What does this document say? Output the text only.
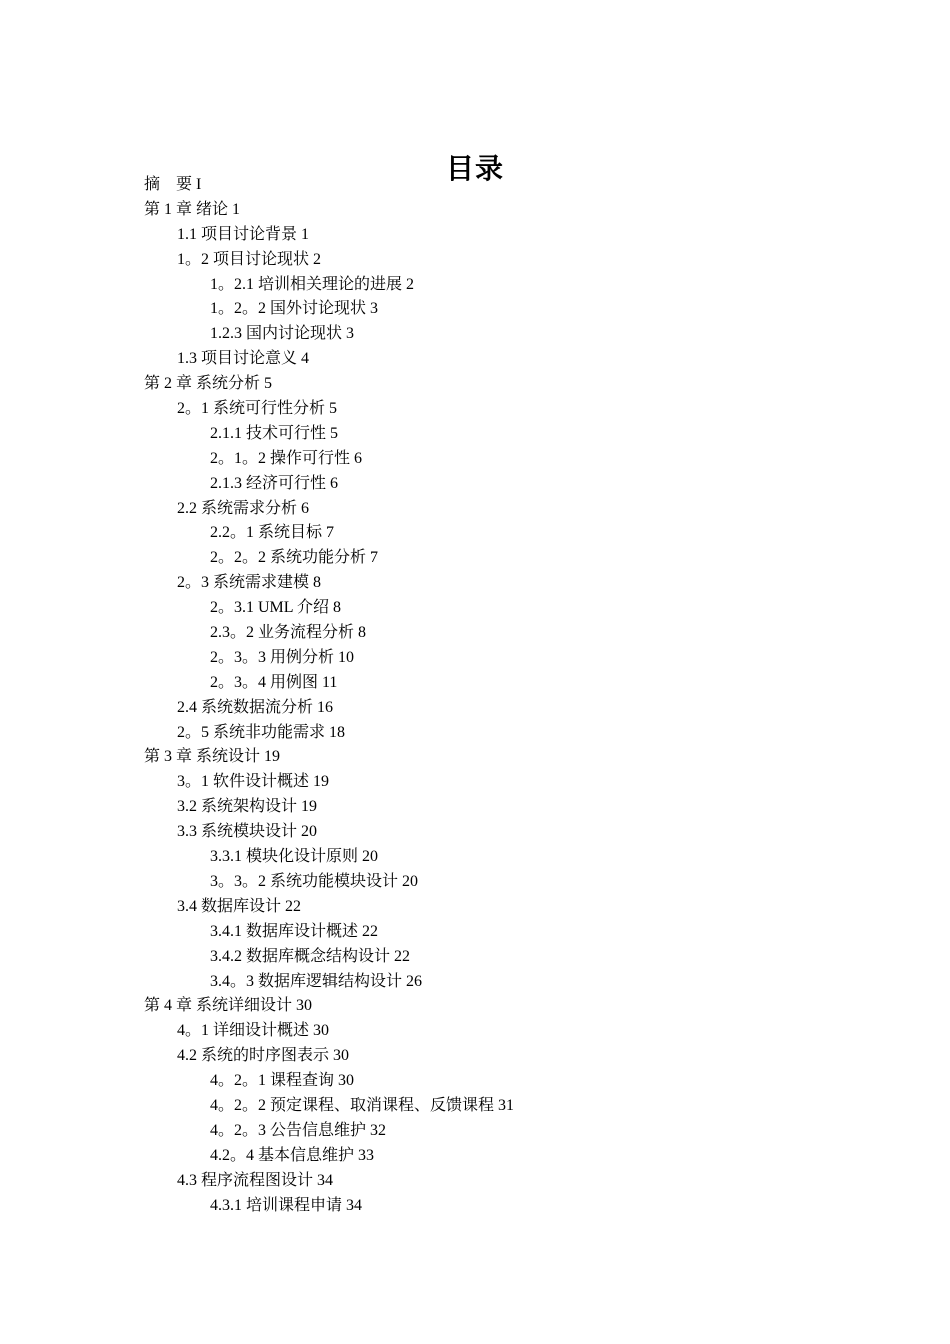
目录
摘　要 I
第 1 章 绪论 1
1.1 项目讨论背景 1
1。2 项目讨论现状 2
1。2.1 培训相关理论的进展 2
1。2。2 国外讨论现状 3
1.2.3 国内讨论现状 3
1.3 项目讨论意义 4
第 2 章 系统分析 5
2。1 系统可行性分析 5
2.1.1 技术可行性 5
2。1。2 操作可行性 6
2.1.3 经济可行性 6
2.2 系统需求分析 6
2.2。1 系统目标 7
2。2。2 系统功能分析 7
2。3 系统需求建模 8
2。3.1 UML 介绍 8
2.3。2 业务流程分析 8
2。3。3 用例分析 10
2。3。4 用例图 11
2.4 系统数据流分析 16
2。5 系统非功能需求 18
第 3 章 系统设计 19
3。1 软件设计概述 19
3.2 系统架构设计 19
3.3 系统模块设计 20
3.3.1 模块化设计原则 20
3。3。2 系统功能模块设计 20
3.4 数据库设计 22
3.4.1 数据库设计概述 22
3.4.2 数据库概念结构设计 22
3.4。3 数据库逻辑结构设计 26
第 4 章 系统详细设计 30
4。1 详细设计概述 30
4.2 系统的时序图表示 30
4。2。1 课程查询 30
4。2。2 预定课程、取消课程、反馈课程 31
4。2。3 公告信息维护 32
4.2。4 基本信息维护 33
4.3 程序流程图设计 34
4.3.1 培训课程申请 34
